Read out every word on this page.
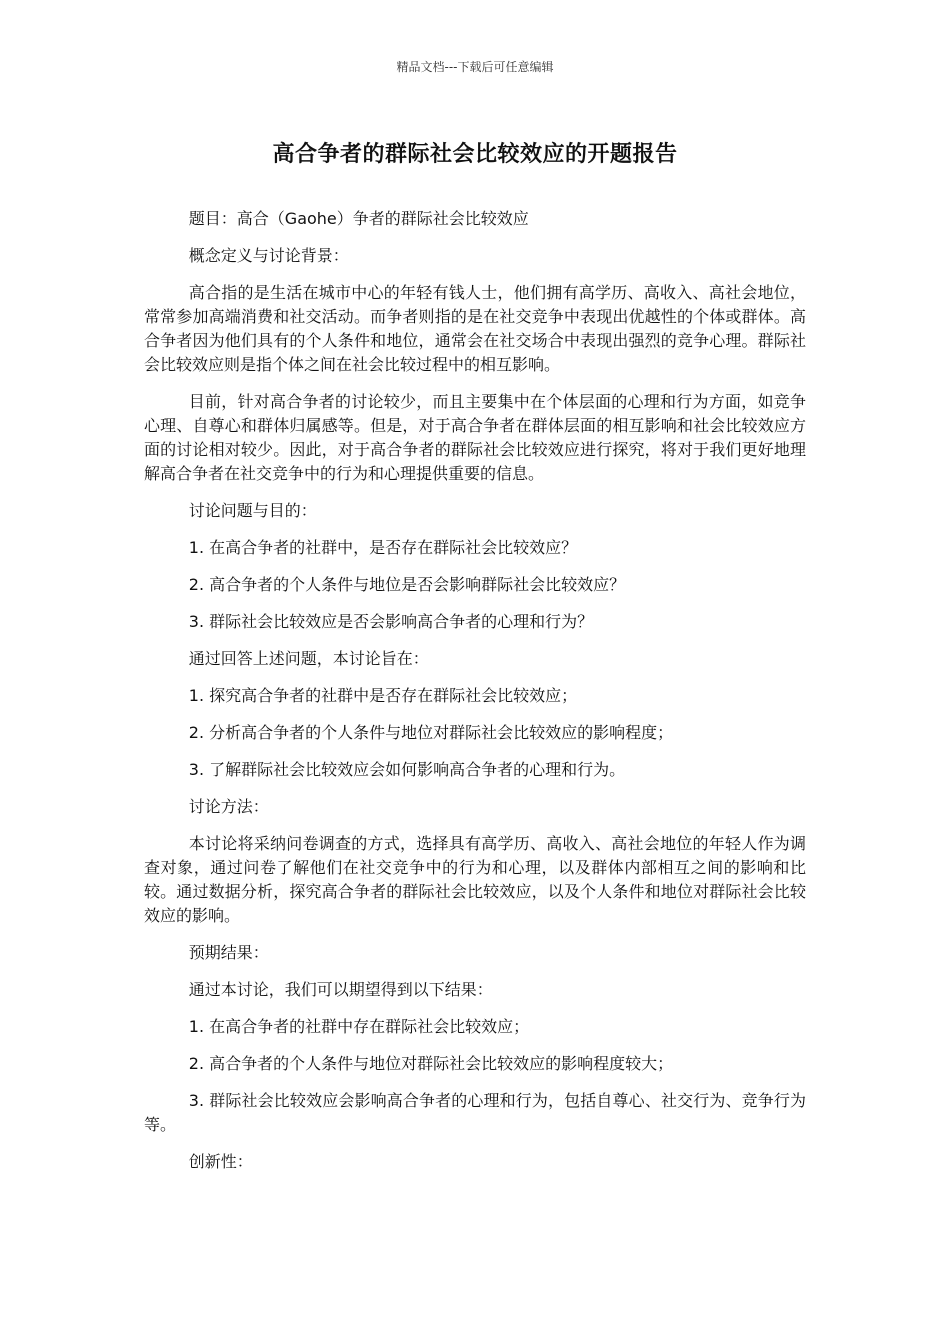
精品文档---下载后可任意编辑
高合争者的群际社会比较效应的开题报告

题目：高合（Gaohe）争者的群际社会比较效应

概念定义与讨论背景：

高合指的是生活在城市中心的年轻有钱人士，他们拥有高学历、高收入、高社会地位，常常参加高端消费和社交活动。而争者则指的是在社交竞争中表现出优越性的个体或群体。高合争者因为他们具有的个人条件和地位，通常会在社交场合中表现出强烈的竞争心理。群际社会比较效应则是指个体之间在社会比较过程中的相互影响。

目前，针对高合争者的讨论较少，而且主要集中在个体层面的心理和行为方面，如竞争心理、自尊心和群体归属感等。但是，对于高合争者在群体层面的相互影响和社会比较效应方面的讨论相对较少。因此，对于高合争者的群际社会比较效应进行探究，将对于我们更好地理解高合争者在社交竞争中的行为和心理提供重要的信息。

讨论问题与目的：

1. 在高合争者的社群中，是否存在群际社会比较效应？

2. 高合争者的个人条件与地位是否会影响群际社会比较效应？

3. 群际社会比较效应是否会影响高合争者的心理和行为？

通过回答上述问题，本讨论旨在：

1. 探究高合争者的社群中是否存在群际社会比较效应；

2. 分析高合争者的个人条件与地位对群际社会比较效应的影响程度；

3. 了解群际社会比较效应会如何影响高合争者的心理和行为。

讨论方法：

本讨论将采纳问卷调查的方式，选择具有高学历、高收入、高社会地位的年轻人作为调查对象，通过问卷了解他们在社交竞争中的行为和心理，以及群体内部相互之间的影响和比较。通过数据分析，探究高合争者的群际社会比较效应，以及个人条件和地位对群际社会比较效应的影响。

预期结果：

通过本讨论，我们可以期望得到以下结果：

1. 在高合争者的社群中存在群际社会比较效应；

2. 高合争者的个人条件与地位对群际社会比较效应的影响程度较大；

3. 群际社会比较效应会影响高合争者的心理和行为，包括自尊心、社交行为、竞争行为等。

创新性：
